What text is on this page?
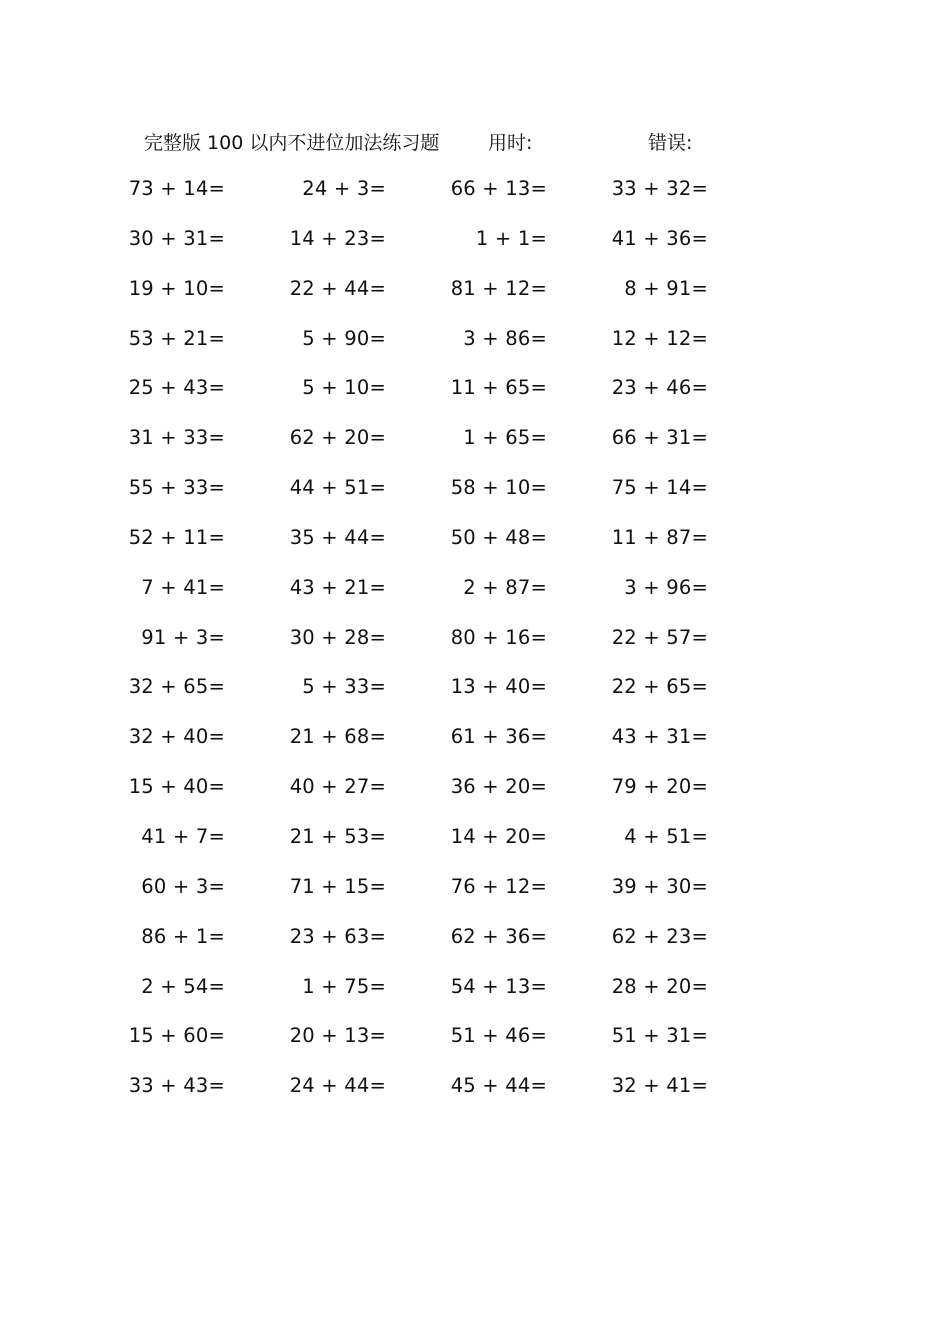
完整版 100 以内不进位加法练习题	用时:	错误:
73 + 14=	24 + 3=	66 + 13=	33 + 32=
30 + 31=	14 + 23=	1 + 1=	41 + 36=
19 + 10=	22 + 44=	81 + 12=	8 + 91=
53 + 21=	5 + 90=	3 + 86=	12 + 12=
25 + 43=	5 + 10=	11 + 65=	23 + 46=
31 + 33=	62 + 20=	1 + 65=	66 + 31=
55 + 33=	44 + 51=	58 + 10=	75 + 14=
52 + 11=	35 + 44=	50 + 48=	11 + 87=
7 + 41=	43 + 21=	2 + 87=	3 + 96=
91 + 3=	30 + 28=	80 + 16=	22 + 57=
32 + 65=	5 + 33=	13 + 40=	22 + 65=
32 + 40=	21 + 68=	61 + 36=	43 + 31=
15 + 40=	40 + 27=	36 + 20=	79 + 20=
41 + 7=	21 + 53=	14 + 20=	4 + 51=
60 + 3=	71 + 15=	76 + 12=	39 + 30=
86 + 1=	23 + 63=	62 + 36=	62 + 23=
2 + 54=	1 + 75=	54 + 13=	28 + 20=
15 + 60=	20 + 13=	51 + 46=	51 + 31=
33 + 43=	24 + 44=	45 + 44=	32 + 41=
